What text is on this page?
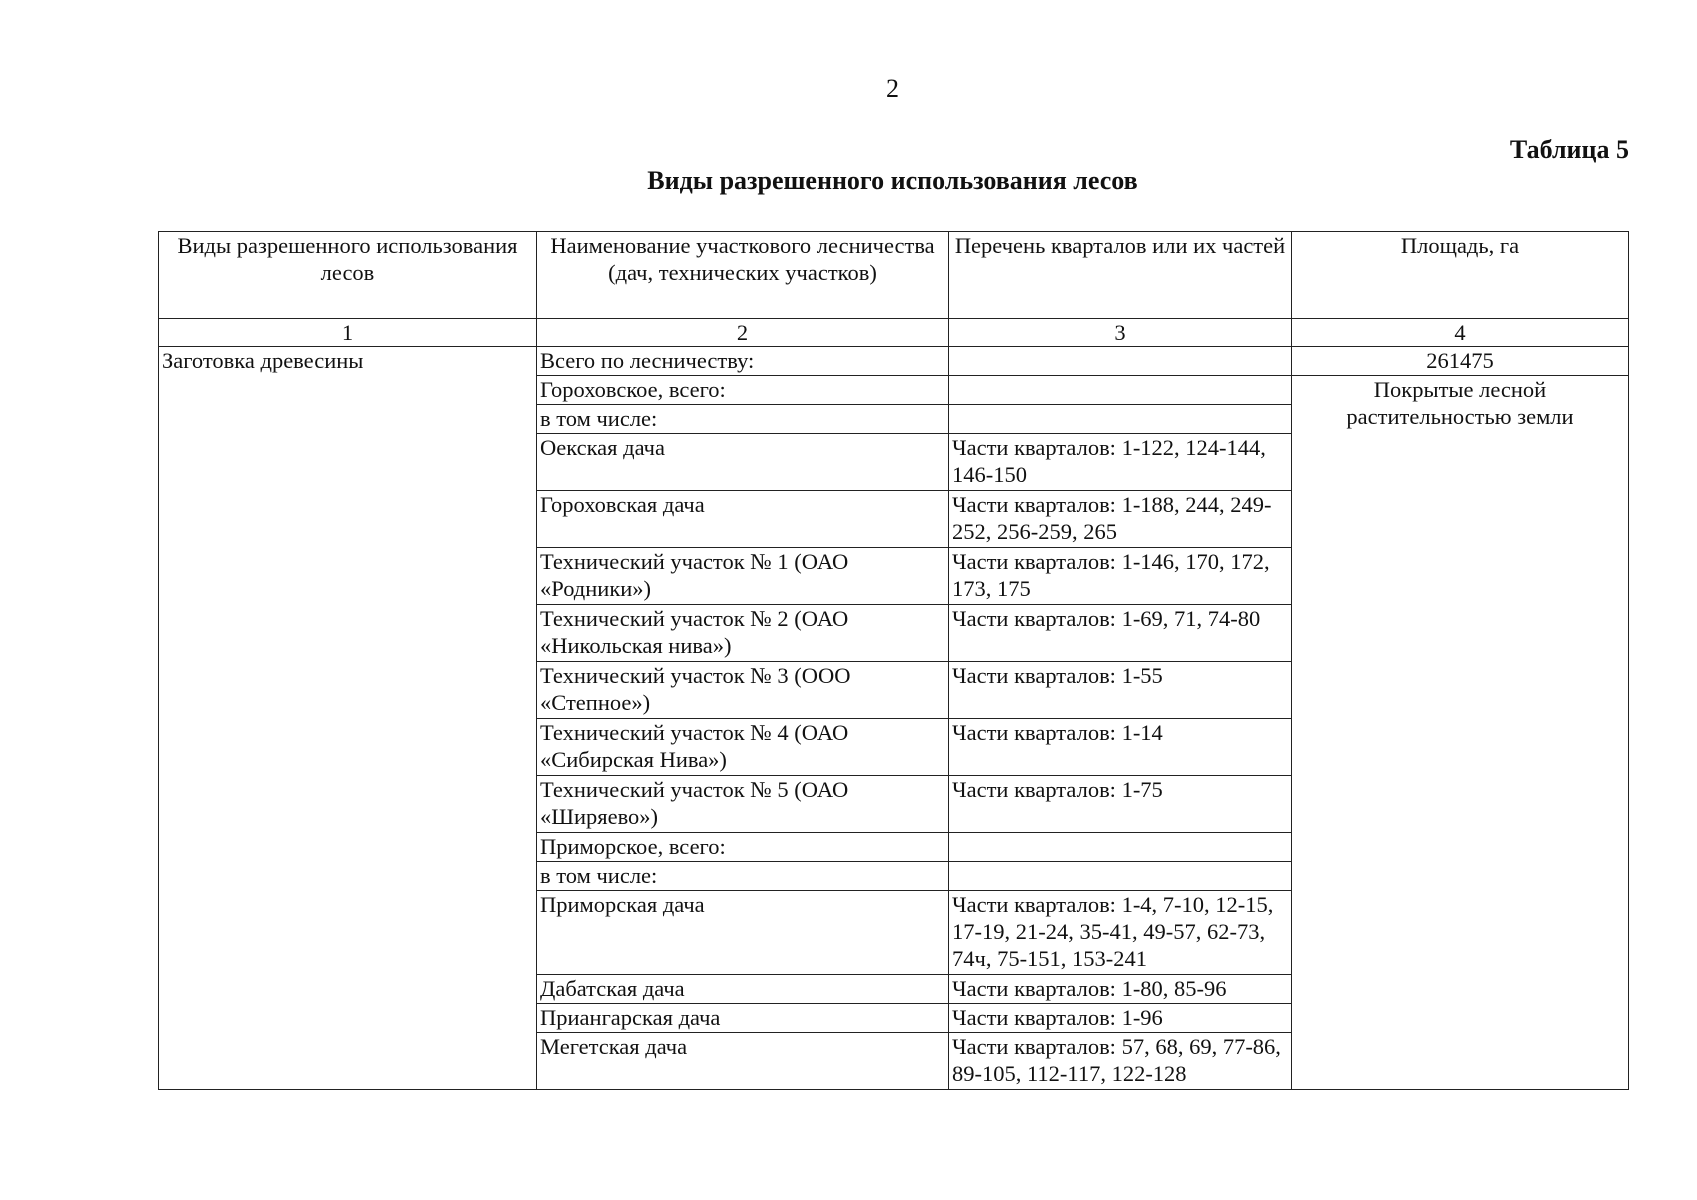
2
Таблица 5
Виды разрешенного использования лесов
Виды разрешенного использования лесов	Наименование участкового лесничества (дач, технических участков)	Перечень кварталов или их частей	Площадь, га
1	2	3	4
Заготовка древесины	Всего по лесничеству:		261475
	Гороховское, всего:		Покрытые лесной растительностью земли
	в том числе:		
	Оекская дача	Части кварталов: 1-122, 124-144, 146-150	
	Гороховская дача	Части кварталов: 1-188, 244, 249-252, 256-259, 265	
	Технический участок № 1 (ОАО «Родники»)	Части кварталов: 1-146, 170, 172, 173, 175	
	Технический участок № 2 (ОАО «Никольская нива»)	Части кварталов: 1-69, 71, 74-80	
	Технический участок № 3 (ООО «Степное»)	Части кварталов: 1-55	
	Технический участок № 4 (ОАО «Сибирская Нива»)	Части кварталов: 1-14	
	Технический участок № 5 (ОАО «Ширяево»)	Части кварталов: 1-75	
	Приморское, всего:		
	в том числе:		
	Приморская дача	Части кварталов: 1-4, 7-10, 12-15, 17-19, 21-24, 35-41, 49-57, 62-73, 74ч, 75-151, 153-241	
	Дабатская дача	Части кварталов: 1-80, 85-96	
	Приангарская дача	Части кварталов: 1-96	
	Мегетская дача	Части кварталов: 57, 68, 69, 77-86, 89-105, 112-117, 122-128	
